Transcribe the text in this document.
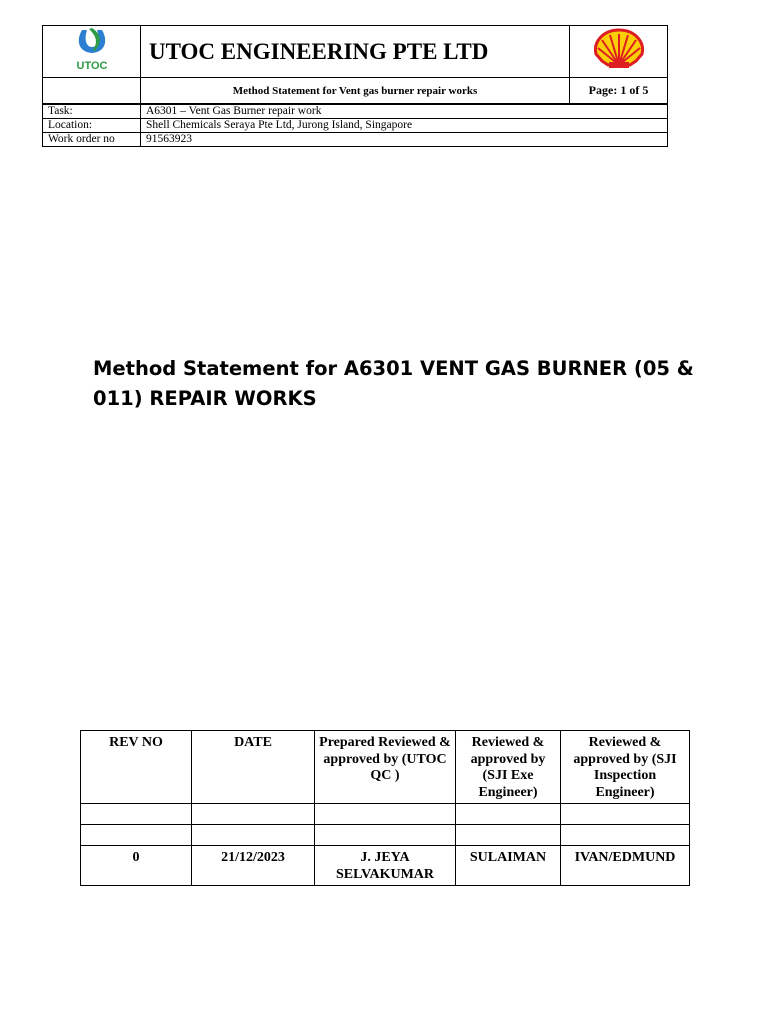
UTOC	UTOC ENGINEERING PTE LTD	
	Method Statement for Vent gas burner repair works	Page: 1 of 5
Task:	A6301 – Vent Gas Burner repair work
Location:	Shell Chemicals Seraya Pte Ltd, Jurong Island, Singapore
Work order no	91563923
Method Statement for A6301 VENT GAS BURNER (05 & 011) REPAIR WORKS
REV NO	DATE	Prepared Reviewed & approved by (UTOC QC )	Reviewed & approved by (SJI Exe Engineer)	Reviewed & approved by (SJI Inspection Engineer)

0	21/12/2023	J. JEYA SELVAKUMAR	SULAIMAN	IVAN/EDMUND
